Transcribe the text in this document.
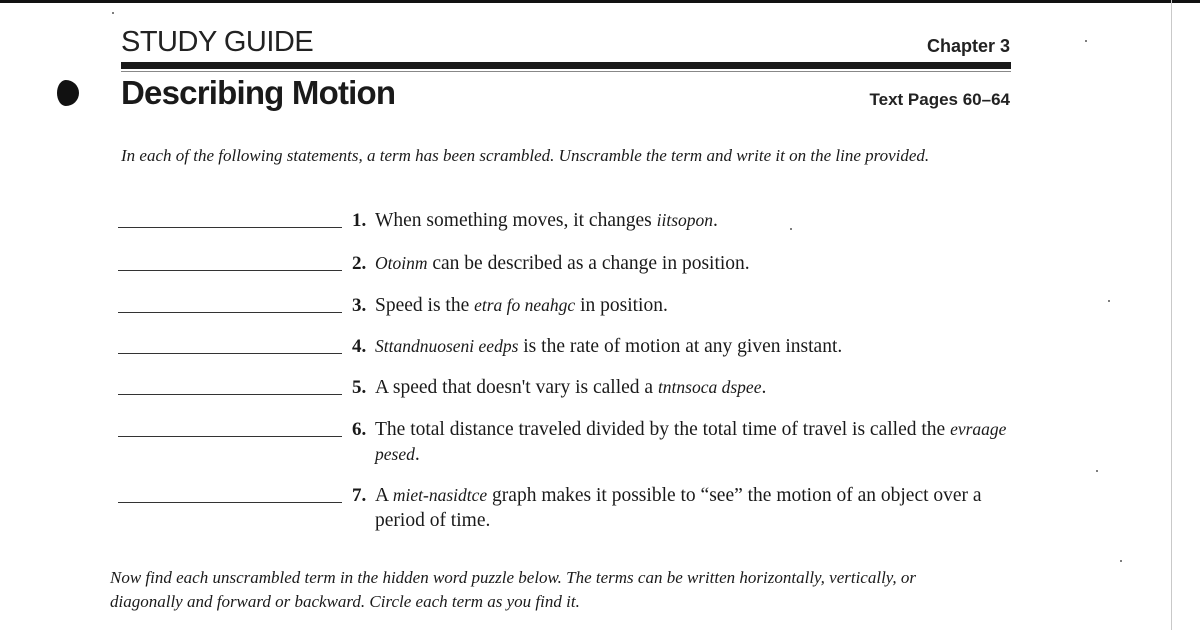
STUDY GUIDE	Chapter 3
Describing Motion	Text Pages 60–64
In each of the following statements, a term has been scrambled. Unscramble the term and write it on the line provided.
1. When something moves, it changes iitsopon.
2. Otoinm can be described as a change in position.
3. Speed is the etra fo neahgc in position.
4. Sttandnuoseni eedps is the rate of motion at any given instant.
5. A speed that doesn't vary is called a tntnsoca dspee.
6. The total distance traveled divided by the total time of travel is called the evraage pesed.
7. A miet-nasidtce graph makes it possible to “see” the motion of an object over a period of time.
Now find each unscrambled term in the hidden word puzzle below. The terms can be written horizontally, vertically, or diagonally and forward or backward. Circle each term as you find it.
